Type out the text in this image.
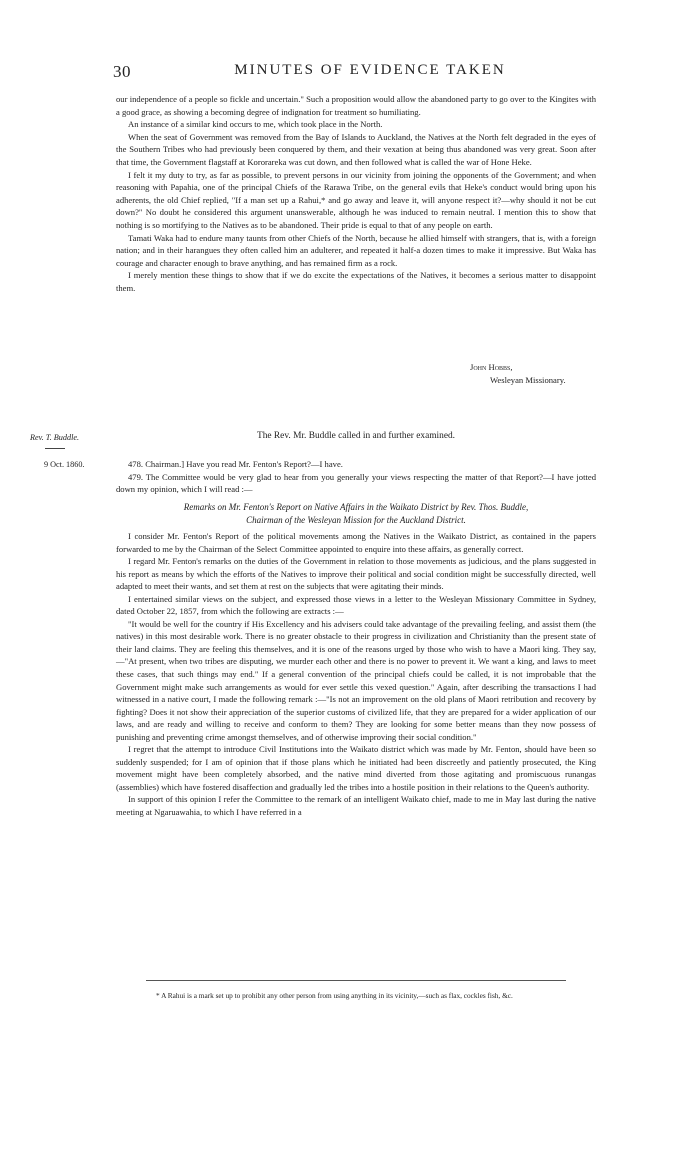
30	MINUTES OF EVIDENCE TAKEN

our independence of a people so fickle and uncertain." Such a proposition would allow the abandoned party to go over to the Kingites with a good grace, as showing a becoming degree of indignation for treatment so humiliating.

An instance of a similar kind occurs to me, which took place in the North.

When the seat of Government was removed from the Bay of Islands to Auckland, the Natives at the North felt degraded in the eyes of the Southern Tribes who had previously been conquered by them, and their vexation at being thus abandoned was very great. Soon after that time, the Government flagstaff at Kororareka was cut down, and then followed what is called the war of Hone Heke.

I felt it my duty to try, as far as possible, to prevent persons in our vicinity from joining the opponents of the Government; and when reasoning with Papahia, one of the principal Chiefs of the Rarawa Tribe, on the general evils that Heke's conduct would bring upon his adherents, the old Chief replied, "If a man set up a Rahui,* and go away and leave it, will anyone respect it?—why should it not be cut down?" No doubt he considered this argument unanswerable, although he was induced to remain neutral. I mention this to show that nothing is so mortifying to the Natives as to be abandoned. Their pride is equal to that of any people on earth.

Tamati Waka had to endure many taunts from other Chiefs of the North, because he allied himself with strangers, that is, with a foreign nation; and in their harangues they often called him an adulterer, and repeated it half-a dozen times to make it impressive. But Waka has courage and character enough to brave anything, and has remained firm as a rock.

I merely mention these things to show that if we do excite the expectations of the Natives, it becomes a serious matter to disappoint them.

John Hobbs,
Wesleyan Missionary.
Rev. T. Buddle.
9 Oct. 1860.
The Rev. Mr. Buddle called in and further examined.

478. Chairman.] Have you read Mr. Fenton's Report?—I have.

479. The Committee would be very glad to hear from you generally your views respecting the matter of that Report?—I have jotted down my opinion, which I will read :—

Remarks on Mr. Fenton's Report on Native Affairs in the Waikato District by Rev. Thos. Buddle,
Chairman of the Wesleyan Mission for the Auckland District.

I consider Mr. Fenton's Report of the political movements among the Natives in the Waikato District, as contained in the papers forwarded to me by the Chairman of the Select Committee appointed to enquire into these affairs, as generally correct.

I regard Mr. Fenton's remarks on the duties of the Government in relation to those movements as judicious, and the plans suggested in his report as means by which the efforts of the Natives to improve their political and social condition might be successfully directed, well adapted to meet their wants, and set them at rest on the subjects that were agitating their minds.

I entertained similar views on the subject, and expressed those views in a letter to the Wesleyan Missionary Committee in Sydney, dated October 22, 1857, from which the following are extracts :—

"It would be well for the country if His Excellency and his advisers could take advantage of the prevailing feeling, and assist them (the natives) in this most desirable work. There is no greater obstacle to their progress in civilization and Christianity than the present state of their land claims. They are feeling this themselves, and it is one of the reasons urged by those who wish to have a Maori king. They say,—"At present, when two tribes are disputing, we murder each other and there is no power to prevent it. We want a king, and laws to meet these cases, that such things may end." If a general convention of the principal chiefs could be called, it is not improbable that the Government might make such arrangements as would for ever settle this vexed question." Again, after describing the transactions I had witnessed in a native court, I made the following remark :—"Is not an improvement on the old plans of Maori retribution and recovery by fighting? Does it not show their appreciation of the superior customs of civilized life, that they are prepared for a wider application of our laws, and are ready and willing to receive and conform to them? They are looking for some better means than they now possess of punishing and preventing crime amongst themselves, and of otherwise improving their social condition."

I regret that the attempt to introduce Civil Institutions into the Waikato district which was made by Mr. Fenton, should have been so suddenly suspended; for I am of opinion that if those plans which he initiated had been discreetly and patiently prosecuted, the King movement might have been completely absorbed, and the native mind diverted from those agitating and promiscuous runangas (assemblies) which have fostered disaffection and gradually led the tribes into a hostile position in their relations to the Queen's authority.

In support of this opinion I refer the Committee to the remark of an intelligent Waikato chief, made to me in May last during the native meeting at Ngaruawahia, to which I have referred in a

* A Rahui is a mark set up to prohibit any other person from using anything in its vicinity,—such as flax, cockles fish, &c.
